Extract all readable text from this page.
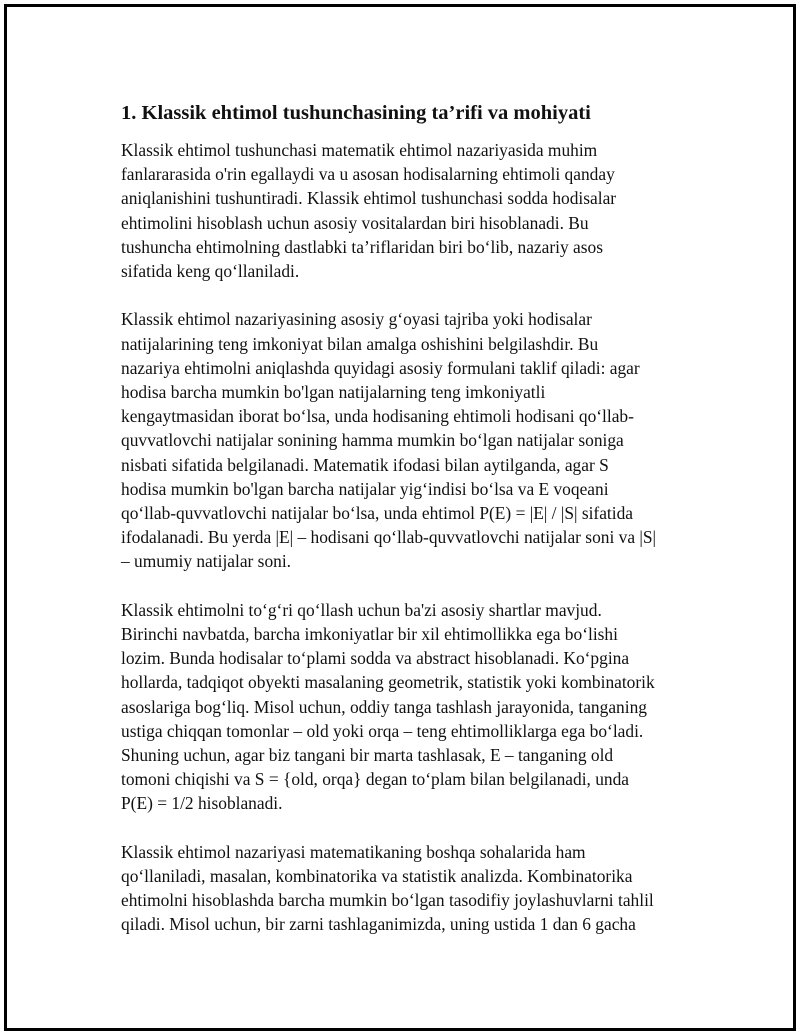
1. Klassik ehtimol tushunchasining ta’rifi va mohiyati

Klassik ehtimol tushunchasi matematik ehtimol nazariyasida muhim
fanlararasida o'rin egallaydi va u asosan hodisalarning ehtimoli qanday
aniqlanishini tushuntiradi. Klassik ehtimol tushunchasi sodda hodisalar
ehtimolini hisoblash uchun asosiy vositalardan biri hisoblanadi. Bu
tushuncha ehtimolning dastlabki ta’riflaridan biri bo‘lib, nazariy asos
sifatida keng qo‘llaniladi.

Klassik ehtimol nazariyasining asosiy g‘oyasi tajriba yoki hodisalar
natijalarining teng imkoniyat bilan amalga oshishini belgilashdir. Bu
nazariya ehtimolni aniqlashda quyidagi asosiy formulani taklif qiladi: agar
hodisa barcha mumkin bo'lgan natijalarning teng imkoniyatli
kengaytmasidan iborat bo‘lsa, unda hodisaning ehtimoli hodisani qo‘llab-
quvvatlovchi natijalar sonining hamma mumkin bo‘lgan natijalar soniga
nisbati sifatida belgilanadi. Matematik ifodasi bilan aytilganda, agar S
hodisa mumkin bo'lgan barcha natijalar yig‘indisi bo‘lsa va E voqeani
qo‘llab-quvvatlovchi natijalar bo‘lsa, unda ehtimol P(E) = |E| / |S| sifatida
ifodalanadi. Bu yerda |E| – hodisani qo‘llab-quvvatlovchi natijalar soni va |S|
– umumiy natijalar soni.

Klassik ehtimolni to‘g‘ri qo‘llash uchun ba'zi asosiy shartlar mavjud.
Birinchi navbatda, barcha imkoniyatlar bir xil ehtimollikka ega bo‘lishi
lozim. Bunda hodisalar to‘plami sodda va abstract hisoblanadi. Ko‘pgina
hollarda, tadqiqot obyekti masalaning geometrik, statistik yoki kombinatorik
asoslariga bog‘liq. Misol uchun, oddiy tanga tashlash jarayonida, tanganing
ustiga chiqqan tomonlar – old yoki orqa – teng ehtimolliklarga ega bo‘ladi.
Shuning uchun, agar biz tangani bir marta tashlasak, E – tanganing old
tomoni chiqishi va S = {old, orqa} degan to‘plam bilan belgilanadi, unda
P(E) = 1/2 hisoblanadi.

Klassik ehtimol nazariyasi matematikaning boshqa sohalarida ham
qo‘llaniladi, masalan, kombinatorika va statistik analizda. Kombinatorika
ehtimolni hisoblashda barcha mumkin bo‘lgan tasodifiy joylashuvlarni tahlil
qiladi. Misol uchun, bir zarni tashlaganimizda, uning ustida 1 dan 6 gacha
